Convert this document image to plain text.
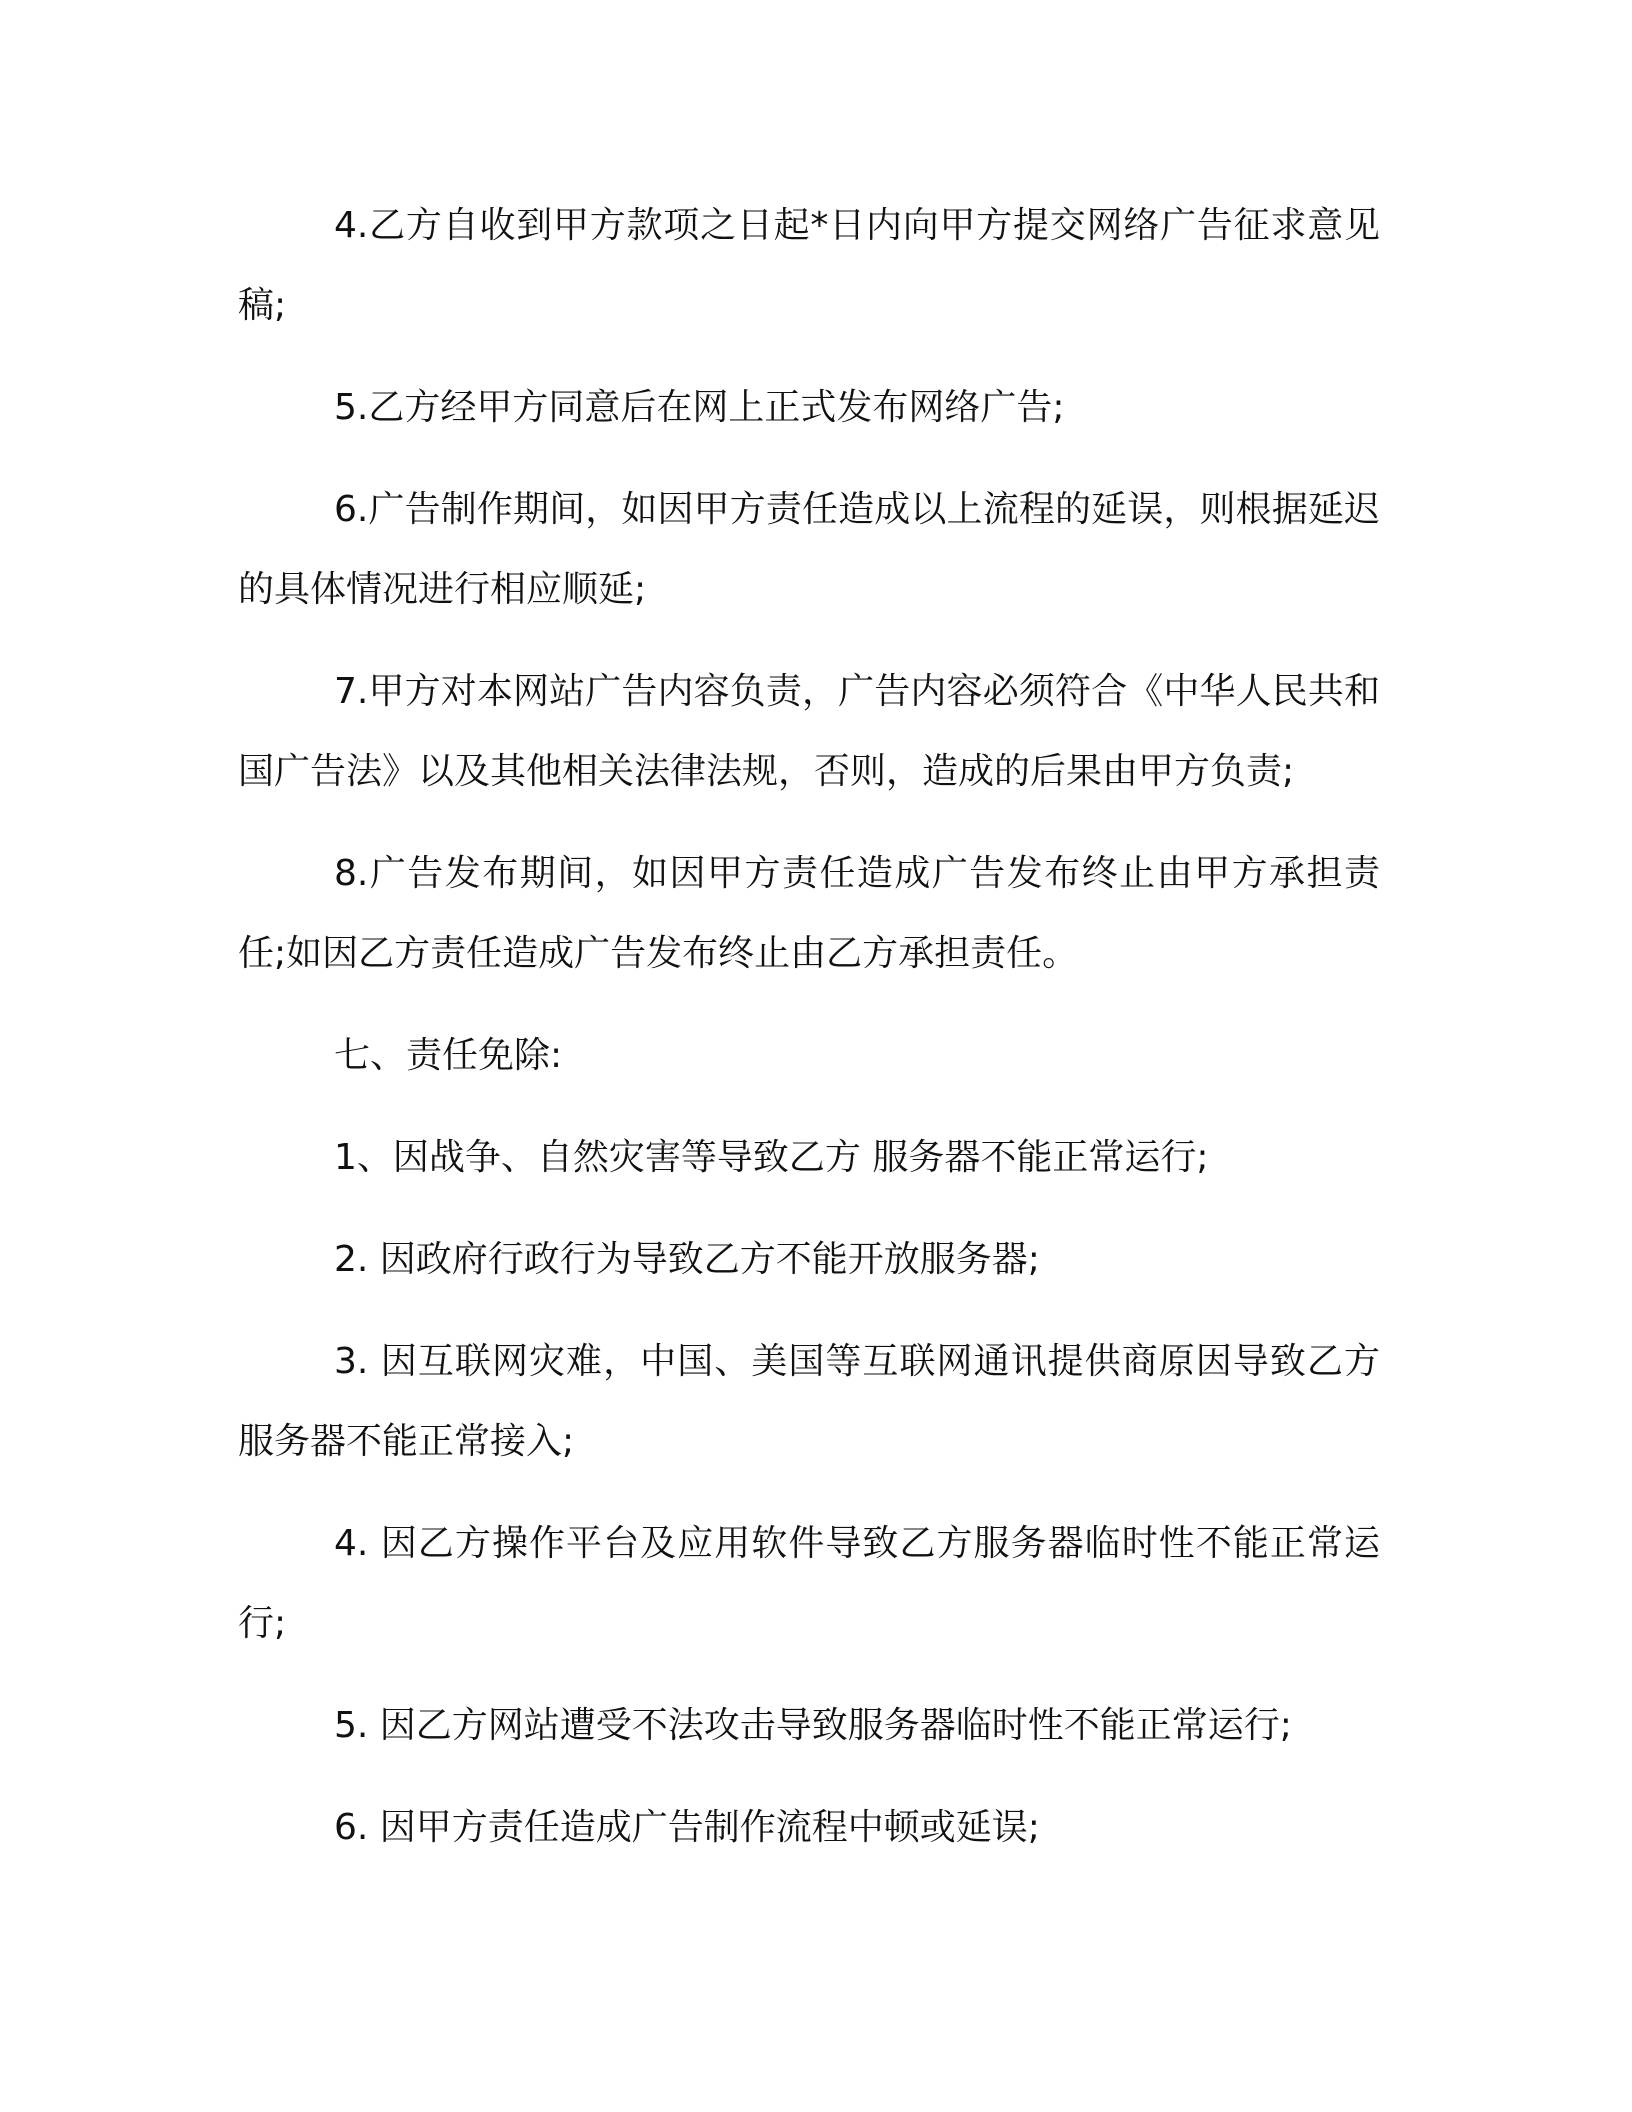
4.乙方自收到甲方款项之日起*日内向甲方提交网络广告征求意见稿;

5.乙方经甲方同意后在网上正式发布网络广告;

6.广告制作期间，如因甲方责任造成以上流程的延误，则根据延迟的具体情况进行相应顺延;

7.甲方对本网站广告内容负责，广告内容必须符合《中华人民共和国广告法》以及其他相关法律法规，否则，造成的后果由甲方负责;

8.广告发布期间，如因甲方责任造成广告发布终止由甲方承担责任;如因乙方责任造成广告发布终止由乙方承担责任。

七、责任免除:

1、因战争、自然灾害等导致乙方 服务器不能正常运行;

2. 因政府行政行为导致乙方不能开放服务器;

3. 因互联网灾难，中国、美国等互联网通讯提供商原因导致乙方服务器不能正常接入;

4. 因乙方操作平台及应用软件导致乙方服务器临时性不能正常运行;

5. 因乙方网站遭受不法攻击导致服务器临时性不能正常运行;

6. 因甲方责任造成广告制作流程中顿或延误;
